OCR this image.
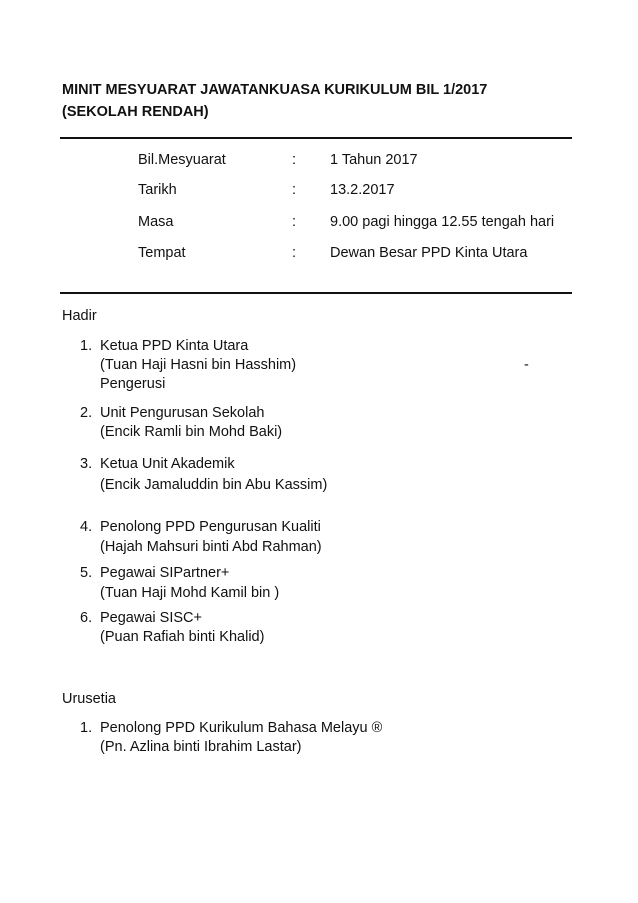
MINIT MESYUARAT JAWATANKUASA KURIKULUM BIL 1/2017
(SEKOLAH RENDAH)
Bil.Mesyuarat	: 1 Tahun 2017
Tarikh	: 13.2.2017
Masa	: 9.00 pagi hingga 12.55 tengah hari
Tempat	: Dewan Besar PPD Kinta Utara
Hadir
1. Ketua PPD Kinta Utara
(Tuan Haji Hasni bin Hasshim)
Pengerusi
-
2. Unit Pengurusan Sekolah
(Encik Ramli bin Mohd Baki)
3. Ketua Unit Akademik
(Encik Jamaluddin bin Abu Kassim)
4. Penolong PPD Pengurusan Kualiti
(Hajah Mahsuri binti Abd Rahman)
5. Pegawai SIPartner+
(Tuan Haji Mohd Kamil bin )
6. Pegawai SISC+
(Puan Rafiah binti Khalid)
Urusetia
1. Penolong PPD Kurikulum Bahasa Melayu ®
(Pn. Azlina binti Ibrahim Lastar)
